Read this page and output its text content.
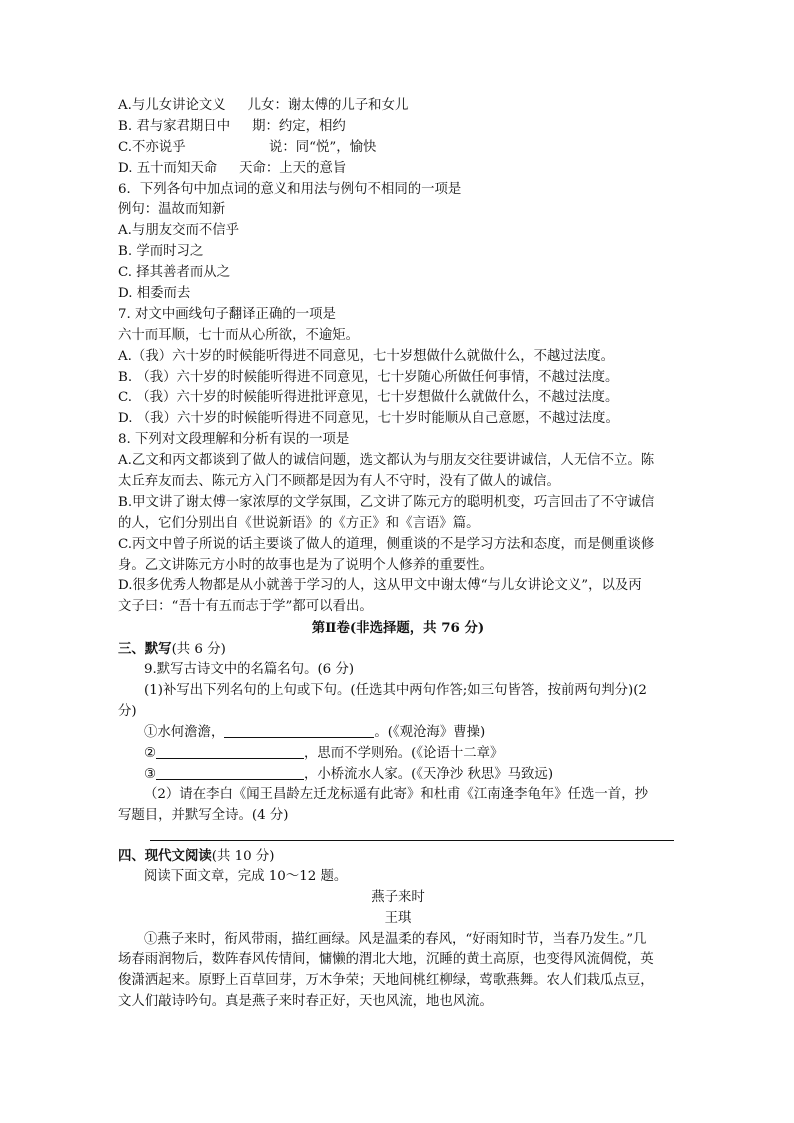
A.与儿女讲论文义 儿女：谢太傅的儿子和女儿
B. 君与家君期日中 期：约定，相约
C.不亦说乎	说：同“悦”，愉快
D. 五十而知天命 天命：上天的意旨
6．下列各句中加点词的意义和用法与例句不相同的一项是
例句：温故而知新
A.与朋友交而不信乎
B. 学而时习之
C. 择其善者而从之
D. 相委而去
7. 对文中画线句子翻译正确的一项是
六十而耳顺，七十而从心所欲，不逾矩。
A.（我）六十岁的时候能听得进不同意见，七十岁想做什么就做什么，不越过法度。
B. （我）六十岁的时候能听得进不同意见，七十岁随心所做任何事情，不越过法度。
C. （我）六十岁的时候能听得进批评意见，七十岁想做什么就做什么，不越过法度。
D. （我）六十岁的时候能听得进不同意见，七十岁时能顺从自己意愿，不越过法度。
8. 下列对文段理解和分析有误的一项是
A.乙文和丙文都谈到了做人的诚信问题，选文都认为与朋友交往要讲诚信，人无信不立。陈
太丘弃友而去、陈元方入门不顾都是因为有人不守时，没有了做人的诚信。
B.甲文讲了谢太傅一家浓厚的文学氛围，乙文讲了陈元方的聪明机变，巧言回击了不守诚信
的人，它们分别出自《世说新语》的《方正》和《言语》篇。
C.丙文中曾子所说的话主要谈了做人的道理，侧重谈的不是学习方法和态度，而是侧重谈修
身。乙文讲陈元方小时的故事也是为了说明个人修养的重要性。
D.很多优秀人物都是从小就善于学习的人，这从甲文中谢太傅“与儿女讲论文义”，以及丙
文子曰：“吾十有五而志于学”都可以看出。
第Ⅱ卷(非选择题，共 76 分)
三、默写(共 6 分)
9.默写古诗文中的名篇名句。(6 分)
(1)补写出下列名句的上句或下句。(任选其中两句作答;如三句皆答，按前两句判分)(2
分)
①水何澹澹，	。(《观沧海》曹操)
②	，思而不学则殆。(《论语十二章》
③	，小桥流水人家。(《天净沙 秋思》马致远)
（2）请在李白《闻王昌龄左迁龙标遥有此寄》和杜甫《江南逢李龟年》任选一首，抄
写题目，并默写全诗。(4 分)
四、现代文阅读(共 10 分)
阅读下面文章，完成 10～12 题。
燕子来时
王琪
①燕子来时，衔风带雨，描红画绿。风是温柔的春风，“好雨知时节，当春乃发生。”几
场春雨润物后，数阵春风传情间，慵懒的渭北大地，沉睡的黄土高原，也变得风流倜傥，英
俊潇洒起来。原野上百草回芽，万木争荣；天地间桃红柳绿，莺歌燕舞。农人们栽瓜点豆，
文人们敲诗吟句。真是燕子来时春正好，天也风流，地也风流。
